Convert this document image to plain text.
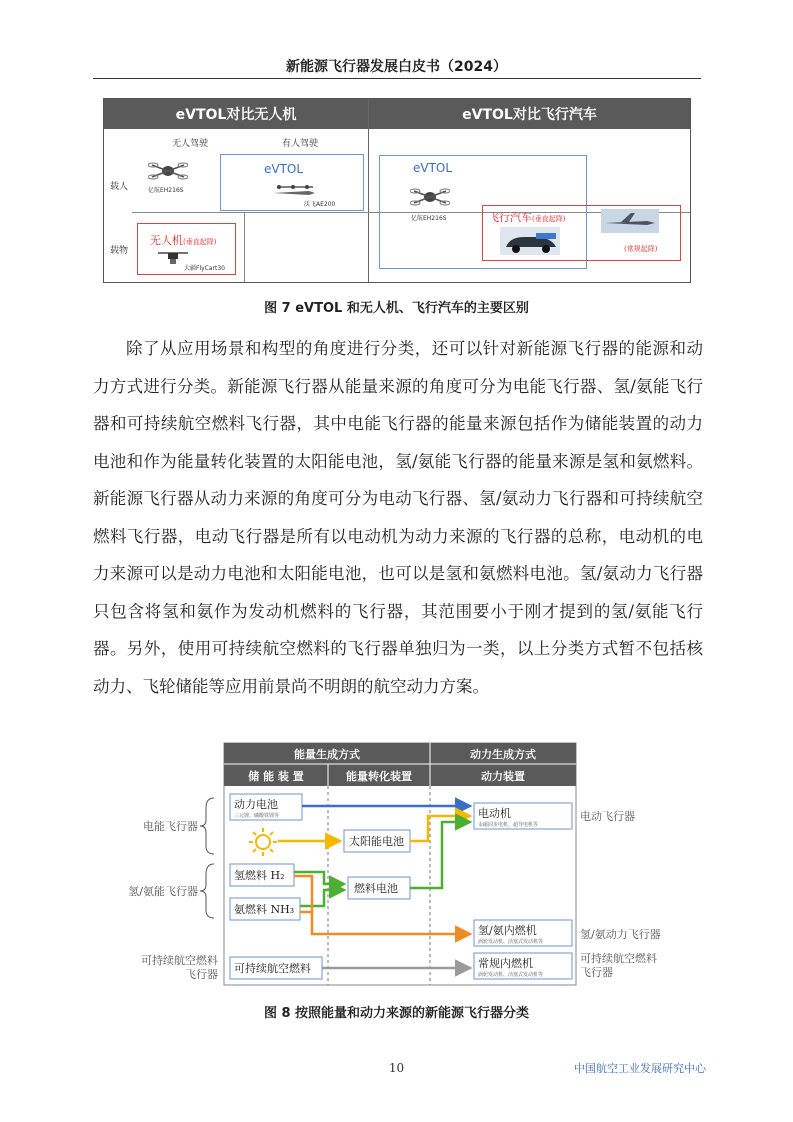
新能源飞行器发展白皮书（2024）
eVTOL对比无人机	eVTOL对比飞行汽车
无人驾驶	有人驾驶
载人
载物
eVTOL
亿航EH216S
沃飞AE200
无人机(垂直起降)
大疆FlyCart30
eVTOL
亿航EH216S	飞行汽车(垂直起降)
(常规起降)
图 7 eVTOL 和无人机、飞行汽车的主要区别

除了从应用场景和构型的角度进行分类，还可以针对新能源飞行器的能源和动力方式进行分类。新能源飞行器从能量来源的角度可分为电能飞行器、氢/氨能飞行器和可持续航空燃料飞行器，其中电能飞行器的能量来源包括作为储能装置的动力电池和作为能量转化装置的太阳能电池，氢/氨能飞行器的能量来源是氢和氨燃料。新能源飞行器从动力来源的角度可分为电动飞行器、氢/氨动力飞行器和可持续航空燃料飞行器，电动飞行器是所有以电动机为动力来源的飞行器的总称，电动机的电力来源可以是动力电池和太阳能电池，也可以是氢和氨燃料电池。氢/氨动力飞行器只包含将氢和氨作为发动机燃料的飞行器，其范围要小于刚才提到的氢/氨能飞行器。另外，使用可持续航空燃料的飞行器单独归为一类，以上分类方式暂不包括核动力、飞轮储能等应用前景尚不明朗的航空动力方案。

能量生成方式	动力生成方式
储 能 装 置	能量转化装置	动力装置
电能飞行器
氢/氨能飞行器
可持续航空燃料
飞行器
动力电池
三元锂、磷酸铁锂等
氢燃料 H₂
氨燃料 NH₃
可持续航空燃料
太阳能电池
燃料电池
电动机
永磁同步电机、超导电机等
氢/氨内燃机
涡轮发动机、活塞式发动机等
常规内燃机
涡轮发动机、活塞式发动机等
电动飞行器
氢/氨动力飞行器
可持续航空燃料
飞行器
图 8 按照能量和动力来源的新能源飞行器分类
10	中国航空工业发展研究中心
